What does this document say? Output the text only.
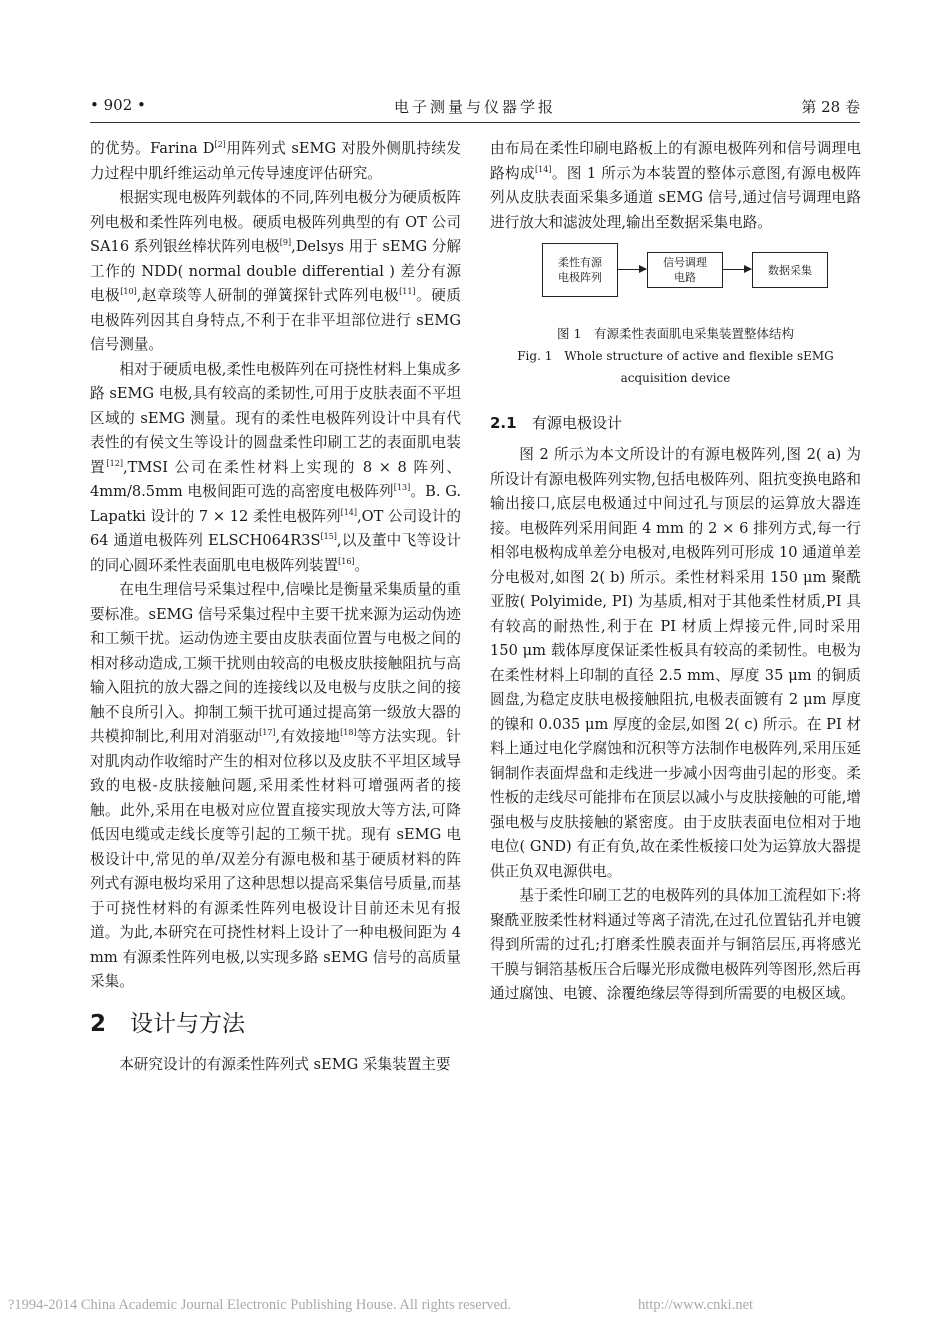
• 902 •	电子测量与仪器学报	第 28 卷

的优势。Farina D[2]用阵列式 sEMG 对股外侧肌持续发力过程中肌纤维运动单元传导速度评估研究。

根据实现电极阵列载体的不同,阵列电极分为硬质板阵列电极和柔性阵列电极。硬质电极阵列典型的有 OT 公司 SA16 系列银丝棒状阵列电极[9],Delsys 用于 sEMG 分解工作的 NDD( normal double differential ) 差分有源电极[10],赵章琰等人研制的弹簧探针式阵列电极[11]。硬质电极阵列因其自身特点,不利于在非平坦部位进行 sEMG 信号测量。

相对于硬质电极,柔性电极阵列在可挠性材料上集成多路 sEMG 电极,具有较高的柔韧性,可用于皮肤表面不平坦区域的 sEMG 测量。现有的柔性电极阵列设计中具有代表性的有侯文生等设计的圆盘柔性印刷工艺的表面肌电装置[12],TMSI 公司在柔性材料上实现的 8 × 8 阵列、4mm/8.5mm 电极间距可选的高密度电极阵列[13]。B. G. Lapatki 设计的 7 × 12 柔性电极阵列[14],OT 公司设计的 64 通道电极阵列 ELSCH064R3S[15],以及董中飞等设计的同心圆环柔性表面肌电电极阵列装置[16]。

在电生理信号采集过程中,信噪比是衡量采集质量的重要标准。sEMG 信号采集过程中主要干扰来源为运动伪迹和工频干扰。运动伪迹主要由皮肤表面位置与电极之间的相对移动造成,工频干扰则由较高的电极皮肤接触阻抗与高输入阻抗的放大器之间的连接线以及电极与皮肤之间的接触不良所引入。抑制工频干扰可通过提高第一级放大器的共模抑制比,利用对消驱动[17],有效接地[18]等方法实现。针对肌肉动作收缩时产生的相对位移以及皮肤不平坦区域导致的电极-皮肤接触问题,采用柔性材料可增强两者的接触。此外,采用在电极对应位置直接实现放大等方法,可降低因电缆或走线长度等引起的工频干扰。现有 sEMG 电极设计中,常见的单/双差分有源电极和基于硬质材料的阵列式有源电极均采用了这种思想以提高采集信号质量,而基于可挠性材料的有源柔性阵列电极设计目前还未见有报道。为此,本研究在可挠性材料上设计了一种电极间距为 4 mm 有源柔性阵列电极,以实现多路 sEMG 信号的高质量采集。

2 设计与方法

本研究设计的有源柔性阵列式 sEMG 采集装置主要

由布局在柔性印刷电路板上的有源电极阵列和信号调理电路构成[14]。图 1 所示为本装置的整体示意图,有源电极阵列从皮肤表面采集多通道 sEMG 信号,通过信号调理电路进行放大和滤波处理,输出至数据采集电路。

柔性有源电极阵列
信号调理电路
数据采集
图 1　有源柔性表面肌电采集装置整体结构
Fig. 1　Whole structure of active and flexible sEMG
acquisition device
2.1 有源电极设计

图 2 所示为本文所设计的有源电极阵列,图 2( a) 为所设计有源电极阵列实物,包括电极阵列、阻抗变换电路和输出接口,底层电极通过中间过孔与顶层的运算放大器连接。电极阵列采用间距 4 mm 的 2 × 6 排列方式,每一行相邻电极构成单差分电极对,电极阵列可形成 10 通道单差分电极对,如图 2( b) 所示。柔性材料采用 150 μm 聚酰亚胺( Polyimide, PI) 为基质,相对于其他柔性材质,PI 具有较高的耐热性,利于在 PI 材质上焊接元件,同时采用 150 μm 载体厚度保证柔性板具有较高的柔韧性。电极为在柔性材料上印制的直径 2.5 mm、厚度 35 μm 的铜质圆盘,为稳定皮肤电极接触阻抗,电极表面镀有 2 μm 厚度的镍和 0.035 μm 厚度的金层,如图 2( c) 所示。在 PI 材料上通过电化学腐蚀和沉积等方法制作电极阵列,采用压延铜制作表面焊盘和走线进一步减小因弯曲引起的形变。柔性板的走线尽可能排布在顶层以减小与皮肤接触的可能,增强电极与皮肤接触的紧密度。由于皮肤表面电位相对于地电位( GND) 有正有负,故在柔性板接口处为运算放大器提供正负双电源供电。

基于柔性印刷工艺的电极阵列的具体加工流程如下:将聚酰亚胺柔性材料通过等离子清洗,在过孔位置钻孔并电镀得到所需的过孔;打磨柔性膜表面并与铜箔层压,再将感光干膜与铜箔基板压合后曝光形成微电极阵列等图形,然后再通过腐蚀、电镀、涂覆绝缘层等得到所需要的电极区域。

?1994-2014 China Academic Journal Electronic Publishing House. All rights reserved.	http://www.cnki.net
